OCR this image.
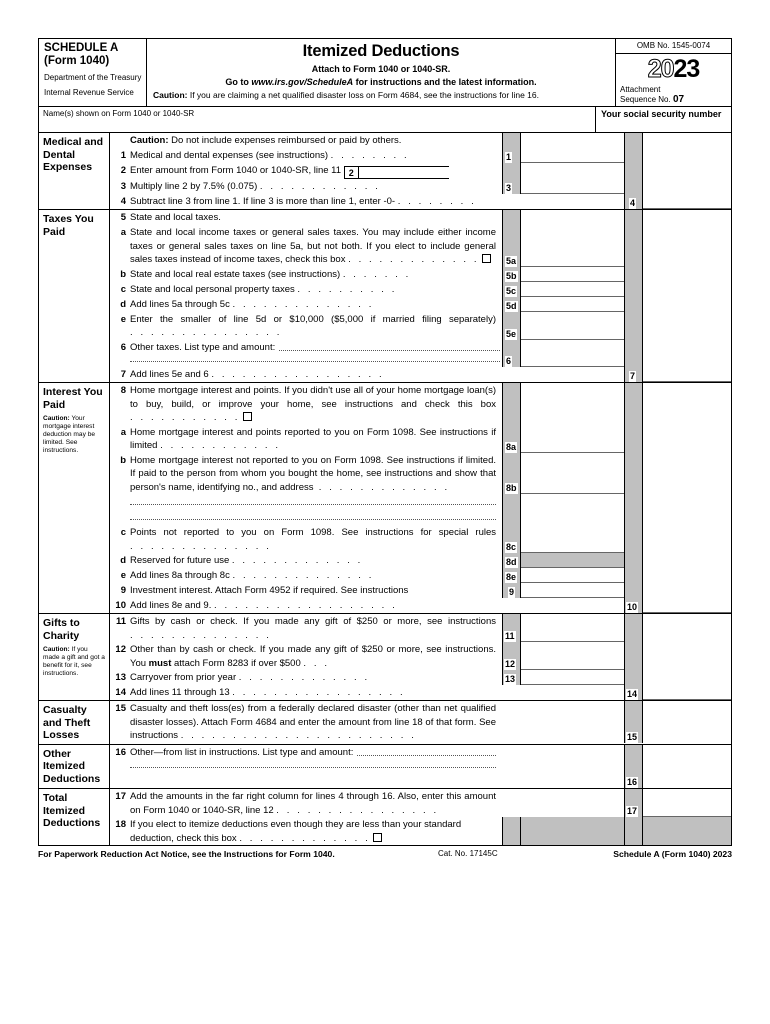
SCHEDULE A
(Form 1040)
Department of the Treasury
Internal Revenue Service
Itemized Deductions
Attach to Form 1040 or 1040-SR.
Go to www.irs.gov/ScheduleA for instructions and the latest information.
Caution: If you are claiming a net qualified disaster loss on Form 4684, see the instructions for line 16.
OMB No. 1545-0074
2023
Attachment
Sequence No. 07
Name(s) shown on Form 1040 or 1040-SR	Your social security number
Medical and Dental Expenses
Caution: Do not include expenses reimbursed or paid by others.
1 Medical and dental expenses (see instructions) . . . . . . . .	1
2 Enter amount from Form 1040 or 1040-SR, line 11 2
3 Multiply line 2 by 7.5% (0.075) . . . . . . . . . . . .	3
4 Subtract line 3 from line 1. If line 3 is more than line 1, enter -0- . . . . . . . .	4
Taxes You Paid
5 State and local taxes.
a State and local income taxes or general sales taxes. You may include either income taxes or general sales taxes on line 5a, but not both. If you elect to include general sales taxes instead of income taxes, check this box . . . . . . . . . . . . .	5a
b State and local real estate taxes (see instructions) . . . . . . .	5b
c State and local personal property taxes . . . . . . . . . .	5c
d Add lines 5a through 5c . . . . . . . . . . . . . .	5d
e Enter the smaller of line 5d or $10,000 ($5,000 if married filing separately) . . . . . . . . . . . . . . .	5e
6 Other taxes. List type and amount:
6
7 Add lines 5e and 6 . . . . . . . . . . . . . . . . .	7
Interest You Paid
Caution: Your mortgage interest deduction may be limited. See instructions.
8 Home mortgage interest and points. If you didn't use all of your home mortgage loan(s) to buy, build, or improve your home, see instructions and check this box . . . . . . . . . . .
a Home mortgage interest and points reported to you on Form 1098. See instructions if limited . . . . . . . . . . . .	8a
b Home mortgage interest not reported to you on Form 1098. See instructions if limited. If paid to the person from whom you bought the home, see instructions and show that person's name, identifying no., and address . . . . . . . . . . . . .	8b
c Points not reported to you on Form 1098. See instructions for special rules . . . . . . . . . . . . . .	8c
d Reserved for future use . . . . . . . . . . . . .	8d
e Add lines 8a through 8c . . . . . . . . . . . . . .	8e
9 Investment interest. Attach Form 4952 if required. See instructions	9
10 Add lines 8e and 9. . . . . . . . . . . . . . . . . . .	10
Gifts to Charity
Caution: If you made a gift and got a benefit for it, see instructions.
11 Gifts by cash or check. If you made any gift of $250 or more, see instructions . . . . . . . . . . . . . .	11
12 Other than by cash or check. If you made any gift of $250 or more, see instructions. You must attach Form 8283 if over $500 . . .	12
13 Carryover from prior year . . . . . . . . . . . . .	13
14 Add lines 11 through 13 . . . . . . . . . . . . . . . . .	14
Casualty and Theft Losses
15 Casualty and theft loss(es) from a federally declared disaster (other than net qualified disaster losses). Attach Form 4684 and enter the amount from line 18 of that form. See instructions . . . . . . . . . . . . . . . . . . . . . . .	15
Other Itemized Deductions
16 Other—from list in instructions. List type and amount:
16
Total Itemized Deductions
17 Add the amounts in the far right column for lines 4 through 16. Also, enter this amount on Form 1040 or 1040-SR, line 12 . . . . . . . . . . . . . . . .	17
18 If you elect to itemize deductions even though they are less than your standard deduction, check this box . . . . . . . . . . . . .
For Paperwork Reduction Act Notice, see the Instructions for Form 1040.	Cat. No. 17145C	Schedule A (Form 1040) 2023
